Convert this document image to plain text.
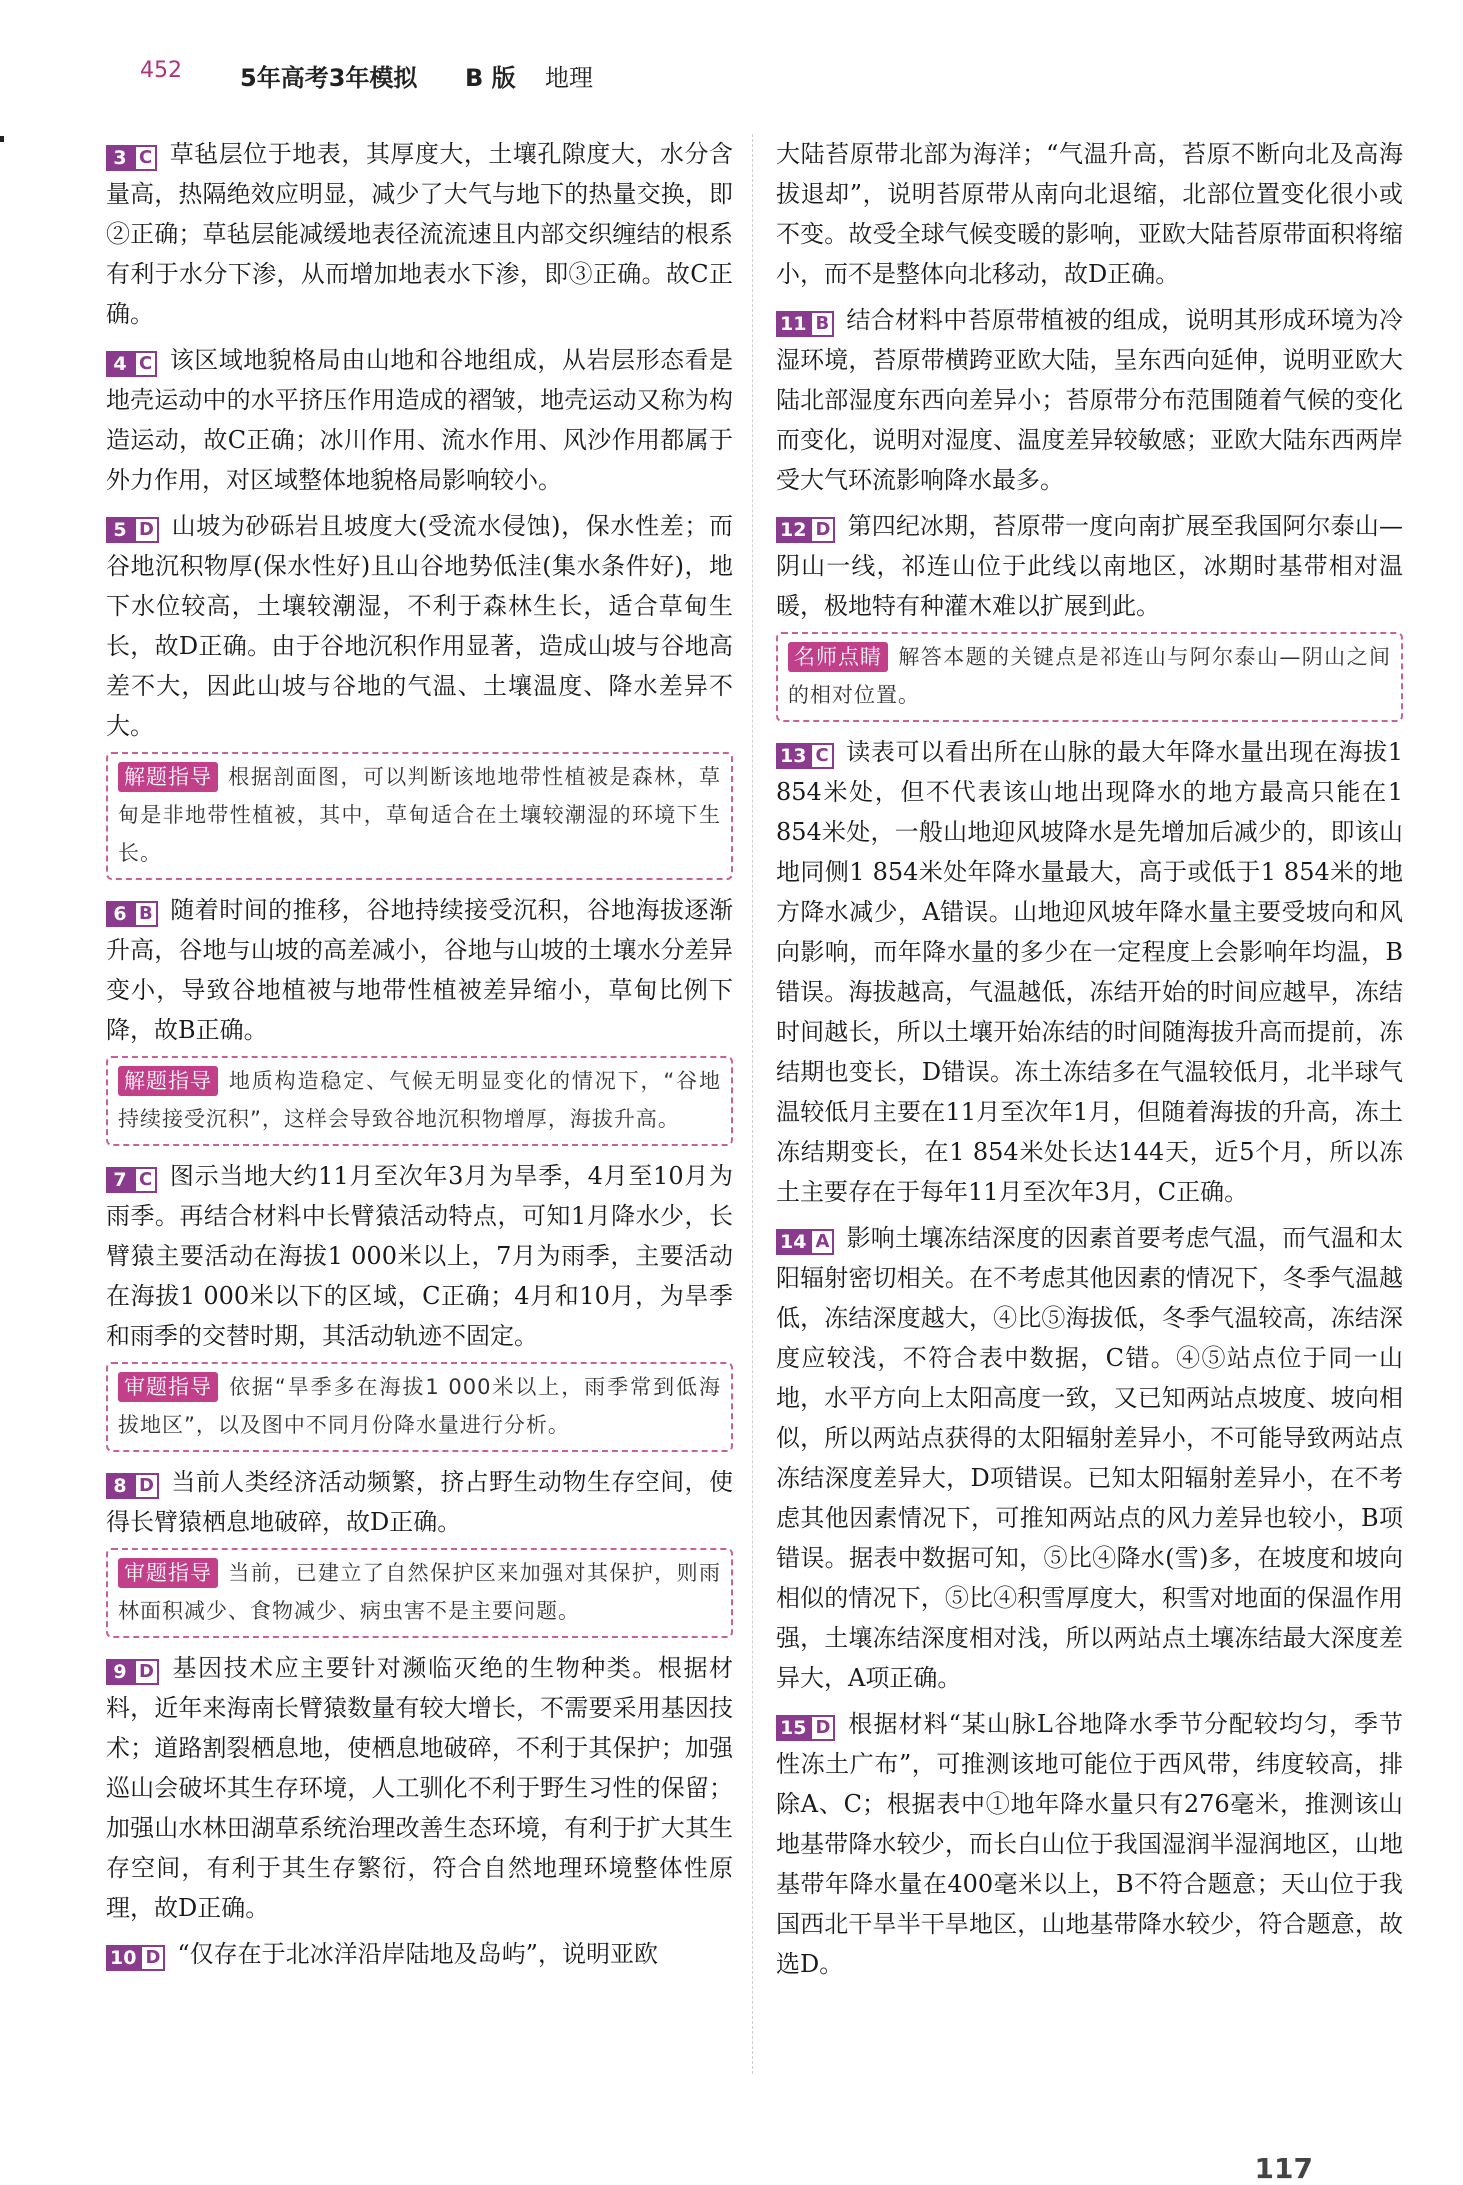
452 5年高考3年模拟 B 版 地理

3 C 草毡层位于地表，其厚度大，土壤孔隙度大，水分含量高，热隔绝效应明显，减少了大气与地下的热量交换，即②正确；草毡层能减缓地表径流流速且内部交织缠结的根系有利于水分下渗，从而增加地表水下渗，即③正确。故C正确。

4 C 该区域地貌格局由山地和谷地组成，从岩层形态看是地壳运动中的水平挤压作用造成的褶皱，地壳运动又称为构造运动，故C正确；冰川作用、流水作用、风沙作用都属于外力作用，对区域整体地貌格局影响较小。

5 D 山坡为砂砾岩且坡度大(受流水侵蚀)，保水性差；而谷地沉积物厚(保水性好)且山谷地势低洼(集水条件好)，地下水位较高，土壤较潮湿，不利于森林生长，适合草甸生长，故D正确。由于谷地沉积作用显著，造成山坡与谷地高差不大，因此山坡与谷地的气温、土壤温度、降水差异不大。

解题指导 根据剖面图，可以判断该地地带性植被是森林，草甸是非地带性植被，其中，草甸适合在土壤较潮湿的环境下生长。

6 B 随着时间的推移，谷地持续接受沉积，谷地海拔逐渐升高，谷地与山坡的高差减小，谷地与山坡的土壤水分差异变小，导致谷地植被与地带性植被差异缩小，草甸比例下降，故B正确。

解题指导 地质构造稳定、气候无明显变化的情况下，“谷地持续接受沉积”，这样会导致谷地沉积物增厚，海拔升高。

7 C 图示当地大约11月至次年3月为旱季，4月至10月为雨季。再结合材料中长臂猿活动特点，可知1月降水少，长臂猿主要活动在海拔1 000米以上，7月为雨季，主要活动在海拔1 000米以下的区域，C正确；4月和10月，为旱季和雨季的交替时期，其活动轨迹不固定。

审题指导 依据“旱季多在海拔1 000米以上，雨季常到低海拔地区”，以及图中不同月份降水量进行分析。

8 D 当前人类经济活动频繁，挤占野生动物生存空间，使得长臂猿栖息地破碎，故D正确。

审题指导 当前，已建立了自然保护区来加强对其保护，则雨林面积减少、食物减少、病虫害不是主要问题。

9 D 基因技术应主要针对濒临灭绝的生物种类。根据材料，近年来海南长臂猿数量有较大增长，不需要采用基因技术；道路割裂栖息地，使栖息地破碎，不利于其保护；加强巡山会破坏其生存环境，人工驯化不利于野生习性的保留；加强山水林田湖草系统治理改善生态环境，有利于扩大其生存空间，有利于其生存繁衍，符合自然地理环境整体性原理，故D正确。

10 D “仅存在于北冰洋沿岸陆地及岛屿”，说明亚欧

大陆苔原带北部为海洋；“气温升高，苔原不断向北及高海拔退却”，说明苔原带从南向北退缩，北部位置变化很小或不变。故受全球气候变暖的影响，亚欧大陆苔原带面积将缩小，而不是整体向北移动，故D正确。

11 B 结合材料中苔原带植被的组成，说明其形成环境为冷湿环境，苔原带横跨亚欧大陆，呈东西向延伸，说明亚欧大陆北部湿度东西向差异小；苔原带分布范围随着气候的变化而变化，说明对湿度、温度差异较敏感；亚欧大陆东西两岸受大气环流影响降水最多。

12 D 第四纪冰期，苔原带一度向南扩展至我国阿尔泰山—阴山一线，祁连山位于此线以南地区，冰期时基带相对温暖，极地特有种灌木难以扩展到此。

名师点睛 解答本题的关键点是祁连山与阿尔泰山—阴山之间的相对位置。

13 C 读表可以看出所在山脉的最大年降水量出现在海拔1 854米处，但不代表该山地出现降水的地方最高只能在1 854米处，一般山地迎风坡降水是先增加后减少的，即该山地同侧1 854米处年降水量最大，高于或低于1 854米的地方降水减少，A错误。山地迎风坡年降水量主要受坡向和风向影响，而年降水量的多少在一定程度上会影响年均温，B错误。海拔越高，气温越低，冻结开始的时间应越早，冻结时间越长，所以土壤开始冻结的时间随海拔升高而提前，冻结期也变长，D错误。冻土冻结多在气温较低月，北半球气温较低月主要在11月至次年1月，但随着海拔的升高，冻土冻结期变长，在1 854米处长达144天，近5个月，所以冻土主要存在于每年11月至次年3月，C正确。

14 A 影响土壤冻结深度的因素首要考虑气温，而气温和太阳辐射密切相关。在不考虑其他因素的情况下，冬季气温越低，冻结深度越大，④比⑤海拔低，冬季气温较高，冻结深度应较浅，不符合表中数据，C错。④⑤站点位于同一山地，水平方向上太阳高度一致，又已知两站点坡度、坡向相似，所以两站点获得的太阳辐射差异小，不可能导致两站点冻结深度差异大，D项错误。已知太阳辐射差异小，在不考虑其他因素情况下，可推知两站点的风力差异也较小，B项错误。据表中数据可知，⑤比④降水(雪)多，在坡度和坡向相似的情况下，⑤比④积雪厚度大，积雪对地面的保温作用强，土壤冻结深度相对浅，所以两站点土壤冻结最大深度差异大，A项正确。

15 D 根据材料“某山脉L谷地降水季节分配较均匀，季节性冻土广布”，可推测该地可能位于西风带，纬度较高，排除A、C；根据表中①地年降水量只有276毫米，推测该山地基带降水较少，而长白山位于我国湿润半湿润地区，山地基带年降水量在400毫米以上，B不符合题意；天山位于我国西北干旱半干旱地区，山地基带降水较少，符合题意，故选D。

117
